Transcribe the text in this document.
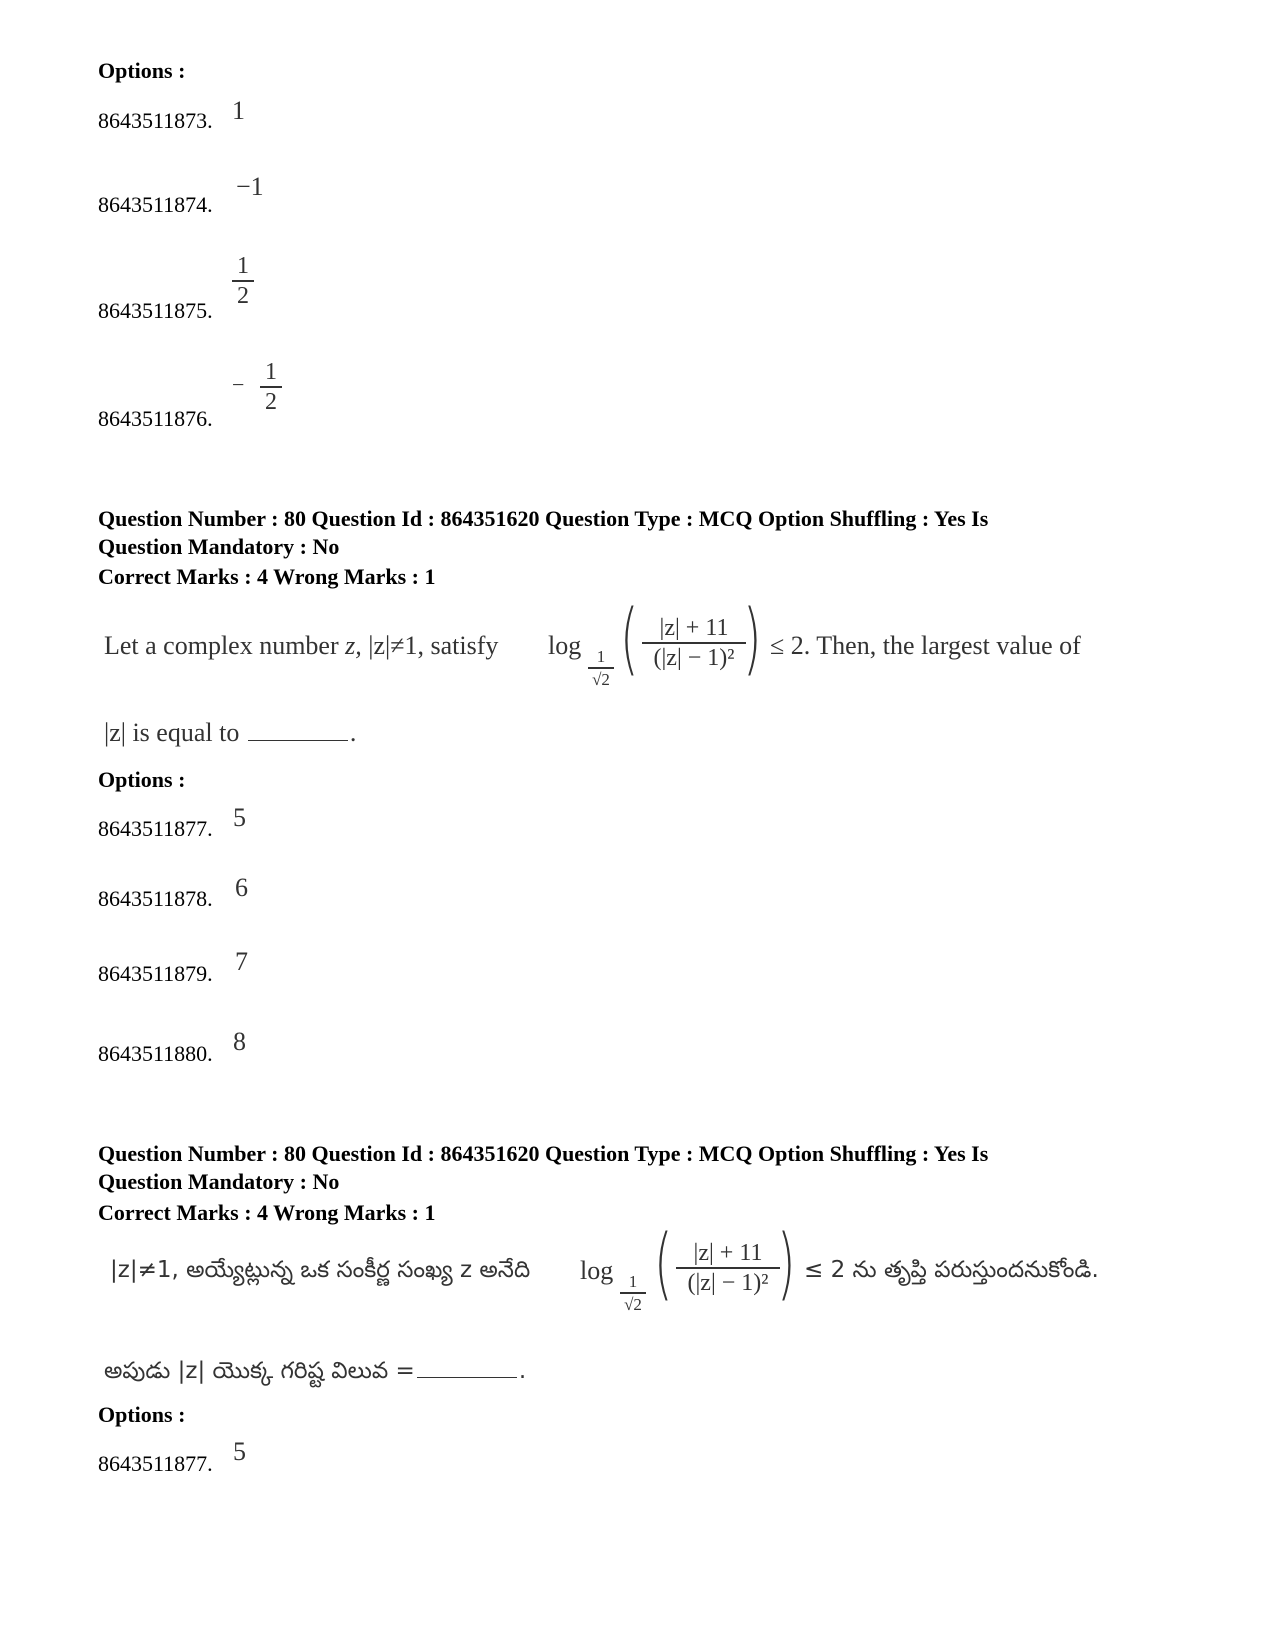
Options :
8643511873. 1
8643511874.
−1
8643511875.
1
2
8643511876.
− 1
2
Question Number : 80 Question Id : 864351620 Question Type : MCQ Option Shuffling : Yes Is
Question Mandatory : No
Correct Marks : 4 Wrong Marks : 1
Let a complex number z, |z|≠1, satisfy log 1
√2 ( |z| + 11
(|z| − 1)² ) ≤ 2. Then, the largest value of
|z| is equal to	.
Options :
8643511877. 5
8643511878. 6
8643511879. 7
8643511880. 8
Question Number : 80 Question Id : 864351620 Question Type : MCQ Option Shuffling : Yes Is
Question Mandatory : No
Correct Marks : 4 Wrong Marks : 1
|z|≠1, అయ్యేట్లున్న ఒక సంకీర్ణ సంఖ్య z అనేది log 1
√2 ( |z| + 11
(|z| − 1)² ) ≤ 2 ను తృప్తి పరుస్తుందనుకోండి.
అపుడు |z| యొక్క గరిష్ట విలువ =	.
Options :
8643511877. 5
